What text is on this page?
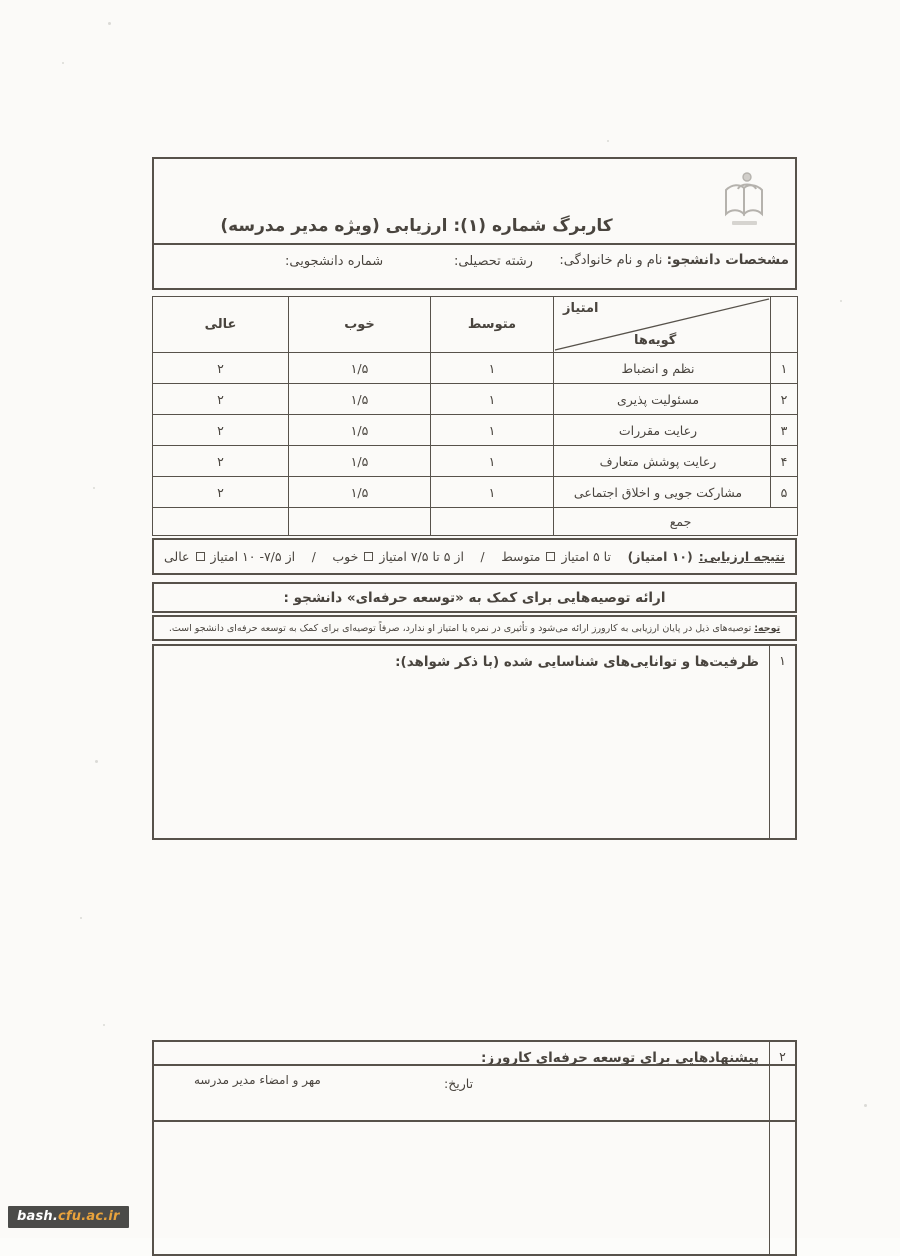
کاربرگ شماره (۱): ارزیابی (ویژه مدیر مدرسه)
مشخصات دانشجو: نام و نام خانوادگی:
رشته تحصیلی:
شماره دانشجویی:

	امتیاز
گویه‌ها	متوسط	خوب	عالی
۱	نظم و انضباط	۱	۱/۵	۲
۲	مسئولیت پذیری	۱	۱/۵	۲
۳	رعایت مقررات	۱	۱/۵	۲
۴	رعایت پوشش متعارف	۱	۱/۵	۲
۵	مشارکت جویی و اخلاق اجتماعی	۱	۱/۵	۲
جمع				
نتیجه ارزیابی:
(۱۰ امتیاز)
تا ۵ امتیاز
متوسط
/
از ۵ تا ۷/۵ امتیاز
خوب
/
از ۷/۵- ۱۰ امتیاز
عالی
ارائه توصیه‌هایی برای کمک به «توسعه حرفه‌ای» دانشجو :
توجه:
توصیه‌های ذیل در پایان ارزیابی به کارورز ارائه می‌شود و تأثیری در نمره یا امتیاز او ندارد، صرفاً توصیه‌ای برای کمک به توسعه حرفه‌ای دانشجو است.
۱
ظرفیت‌ها و توانایی‌های شناسایی شده (با ذکر شواهد):
۲
پیشنهادهایی برای توسعه حرفه‌ای کارورز:
تاریخ:
مهر و امضاء مدیر مدرسه
bash.cfu.ac.ir
